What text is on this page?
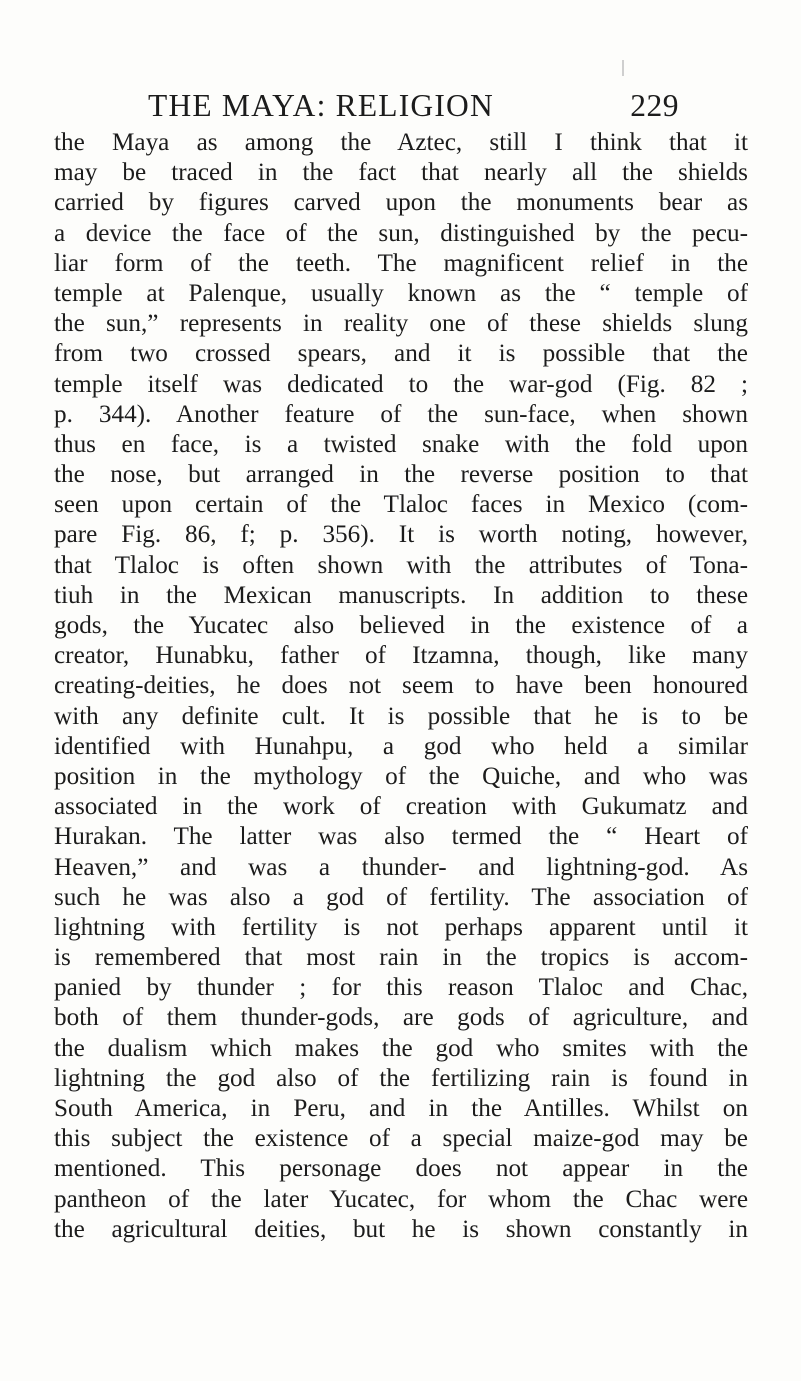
THE MAYA: RELIGION	229
the Maya as among the Aztec, still I think that it
may be traced in the fact that nearly all the shields
carried by figures carved upon the monuments bear as
a device the face of the sun, distinguished by the pecu-
liar form of the teeth. The magnificent relief in the
temple at Palenque, usually known as the “ temple of
the sun,” represents in reality one of these shields slung
from two crossed spears, and it is possible that the
temple itself was dedicated to the war-god (Fig. 82 ;
p. 344). Another feature of the sun-face, when shown
thus en face, is a twisted snake with the fold upon
the nose, but arranged in the reverse position to that
seen upon certain of the Tlaloc faces in Mexico (com-
pare Fig. 86, f; p. 356). It is worth noting, however,
that Tlaloc is often shown with the attributes of Tona-
tiuh in the Mexican manuscripts. In addition to these
gods, the Yucatec also believed in the existence of a
creator, Hunabku, father of Itzamna, though, like many
creating-deities, he does not seem to have been honoured
with any definite cult. It is possible that he is to be
identified with Hunahpu, a god who held a similar
position in the mythology of the Quiche, and who was
associated in the work of creation with Gukumatz and
Hurakan. The latter was also termed the “ Heart of
Heaven,” and was a thunder- and lightning-god. As
such he was also a god of fertility. The association of
lightning with fertility is not perhaps apparent until it
is remembered that most rain in the tropics is accom-
panied by thunder ; for this reason Tlaloc and Chac,
both of them thunder-gods, are gods of agriculture, and
the dualism which makes the god who smites with the
lightning the god also of the fertilizing rain is found in
South America, in Peru, and in the Antilles. Whilst on
this subject the existence of a special maize-god may be
mentioned. This personage does not appear in the
pantheon of the later Yucatec, for whom the Chac were
the agricultural deities, but he is shown constantly in
